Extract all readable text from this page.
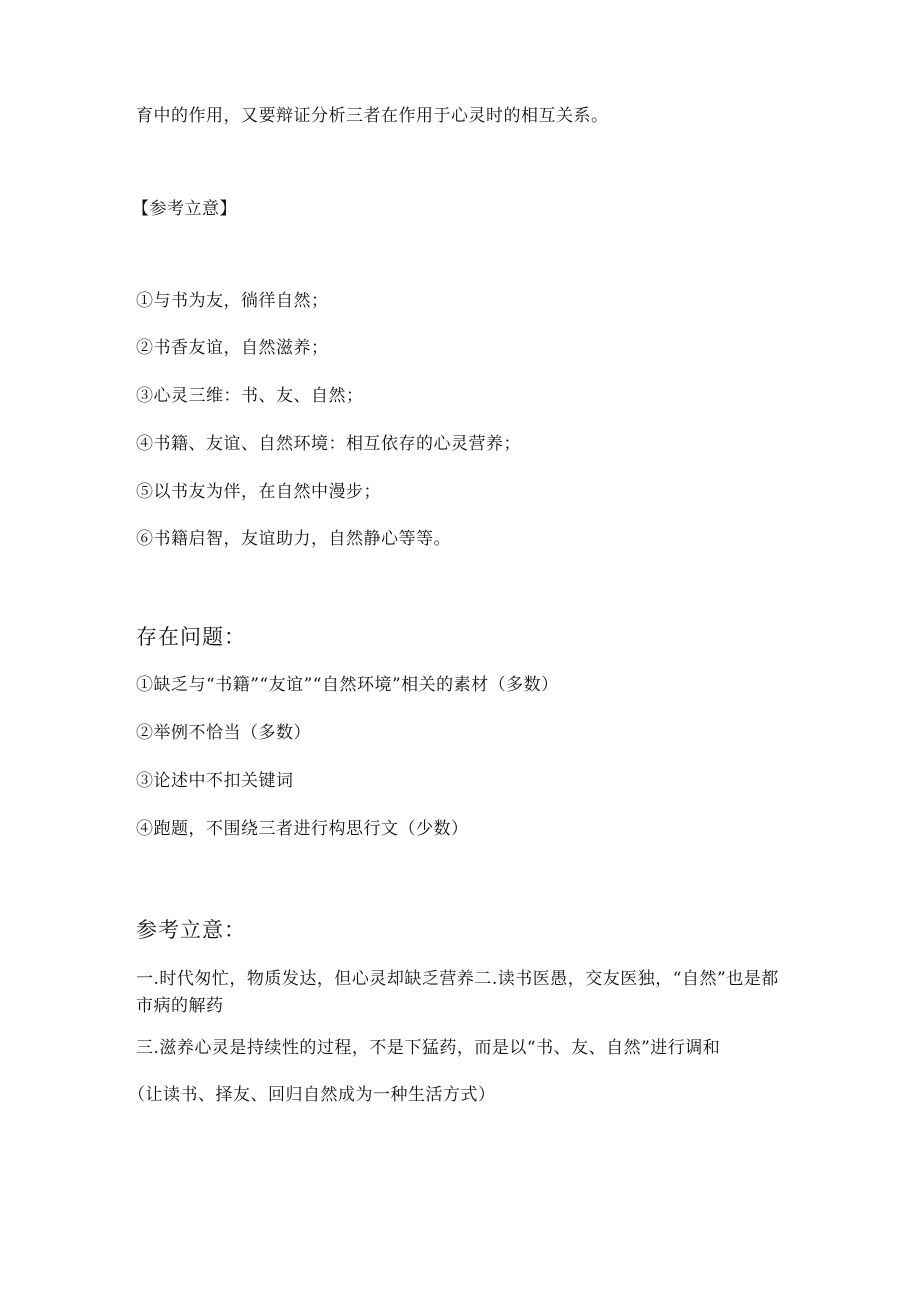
育中的作用，又要辩证分析三者在作用于心灵时的相互关系。
【参考立意】
①与书为友，徜徉自然；
②书香友谊，自然滋养；
③心灵三维：书、友、自然；
④书籍、友谊、自然环境：相互依存的心灵营养；
⑤以书友为伴，在自然中漫步；
⑥书籍启智，友谊助力，自然静心等等。
存在问题：
①缺乏与“书籍”“友谊”“自然环境”相关的素材（多数）
②举例不恰当（多数）
③论述中不扣关键词
④跑题，不围绕三者进行构思行文（少数）
参考立意：
一.时代匆忙，物质发达，但心灵却缺乏营养二.读书医愚，交友医独，“自然”也是都市病的解药
三.滋养心灵是持续性的过程，不是下猛药，而是以“书、友、自然”进行调和
（让读书、择友、回归自然成为一种生活方式）
